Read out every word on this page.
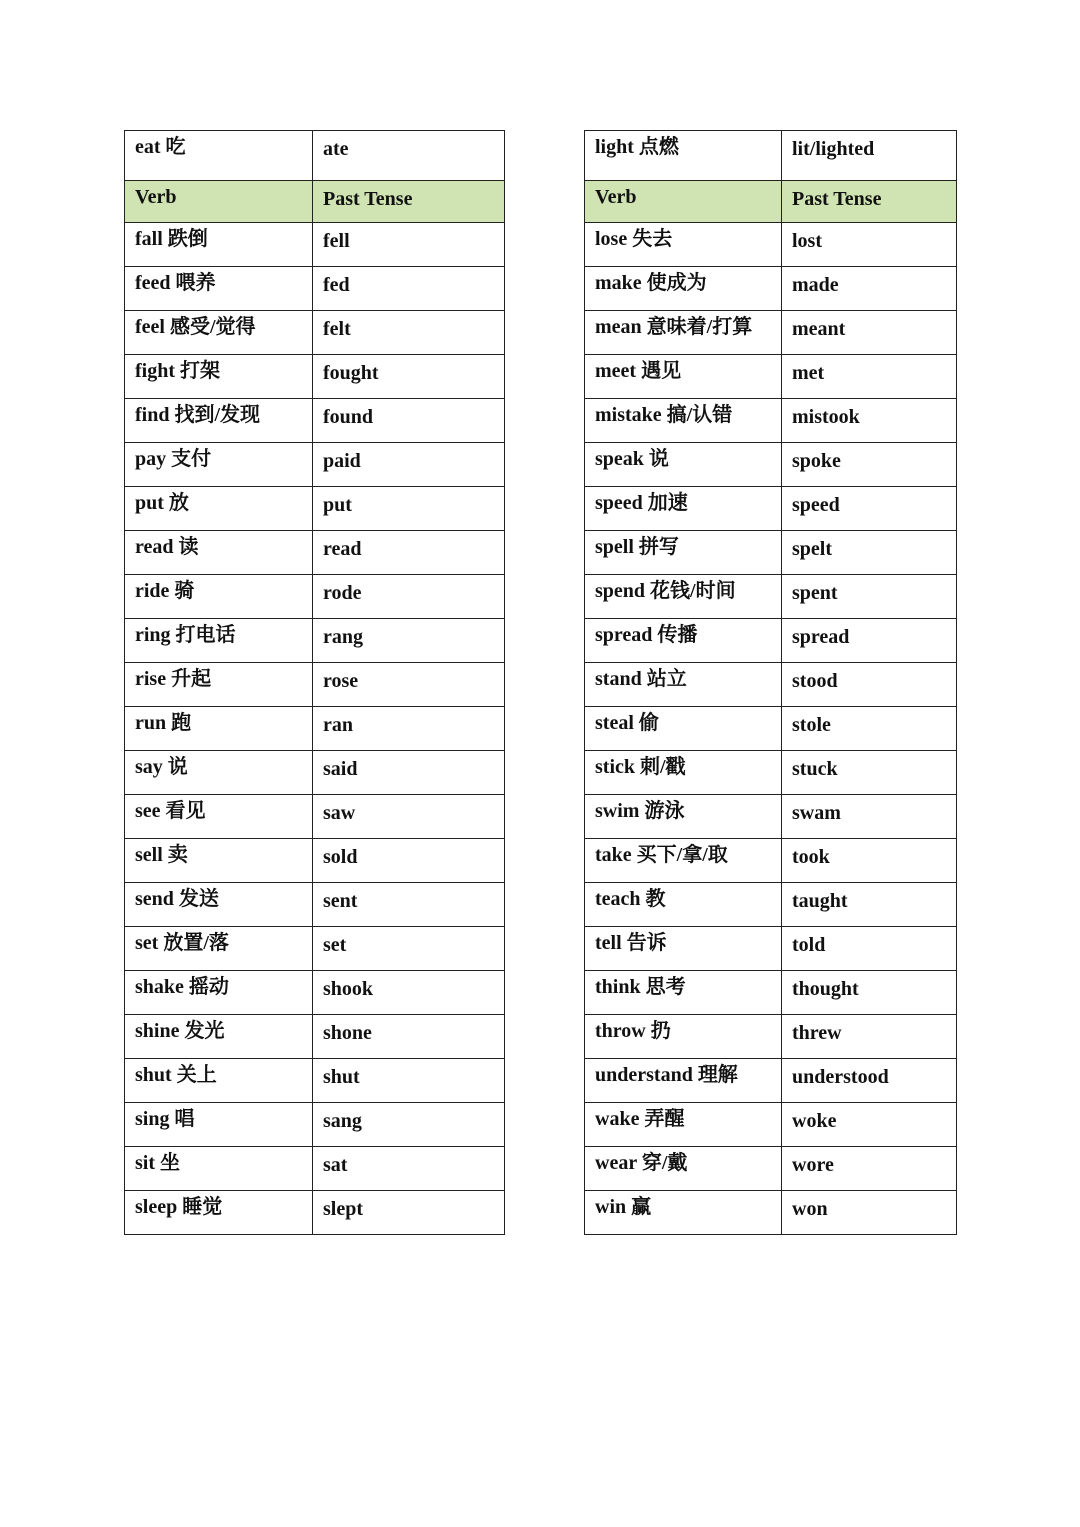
eat 吃	ate
Verb	Past Tense
fall 跌倒	fell
feed 喂养	fed
feel 感受/觉得	felt
fight 打架	fought
find 找到/发现	found
pay 支付	paid
put 放	put
read 读	read
ride 骑	rode
ring 打电话	rang
rise 升起	rose
run 跑	ran
say 说	said
see 看见	saw
sell 卖	sold
send 发送	sent
set 放置/落	set
shake 摇动	shook
shine 发光	shone
shut 关上	shut
sing 唱	sang
sit 坐	sat
sleep 睡觉	slept
light 点燃	lit/lighted
Verb	Past Tense
lose 失去	lost
make 使成为	made
mean 意味着/打算	meant
meet 遇见	met
mistake 搞/认错	mistook
speak 说	spoke
speed 加速	speed
spell 拼写	spelt
spend 花钱/时间	spent
spread 传播	spread
stand 站立	stood
steal 偷	stole
stick 刺/戳	stuck
swim 游泳	swam
take 买下/拿/取	took
teach 教	taught
tell 告诉	told
think 思考	thought
throw 扔	threw
understand 理解	understood
wake 弄醒	woke
wear 穿/戴	wore
win 赢	won
